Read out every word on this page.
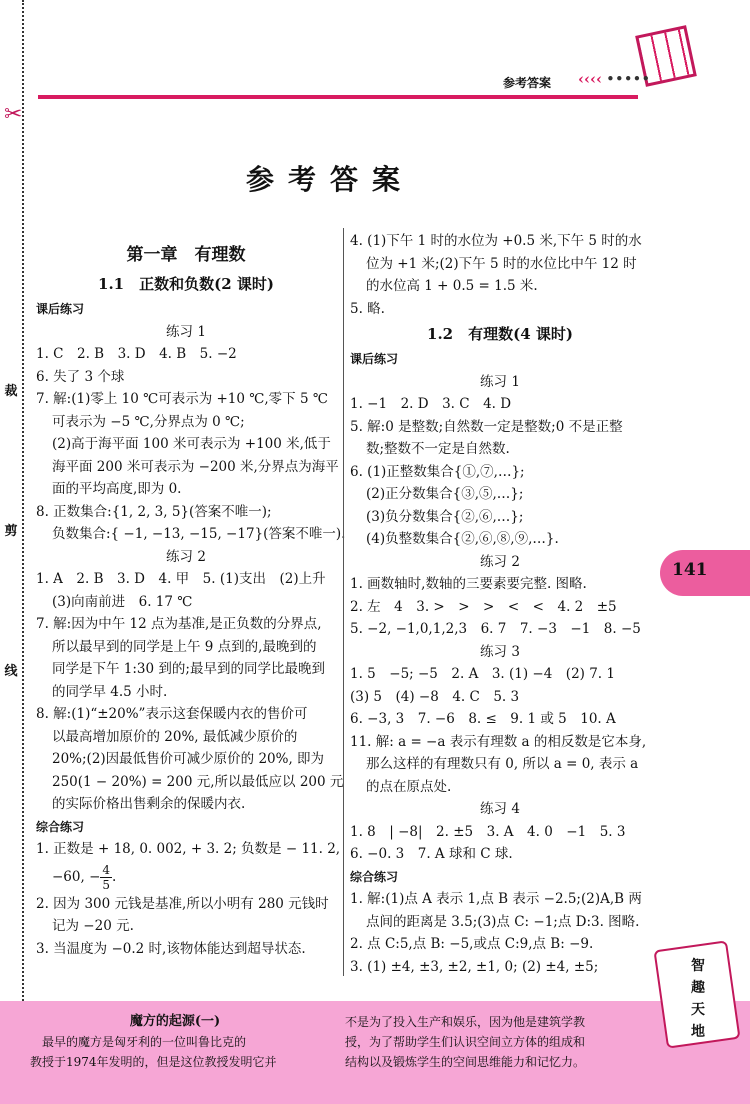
✂
裁
剪
线
参考答案 ‹‹‹‹ •••••
参考答案

第一章　有理数

1.1　正数和负数(2 课时)

课后练习

练习 1

1. C　2. B　3. D　4. B　5. −2

6. 失了 3 个球

7. 解:(1)零上 10 ℃可表示为 +10 ℃,零下 5 ℃

可表示为 −5 ℃,分界点为 0 ℃;

(2)高于海平面 100 米可表示为 +100 米,低于

海平面 200 米可表示为 −200 米,分界点为海平

面的平均高度,即为 0.

8. 正数集合:{1, 2, 3, 5}(答案不唯一);

负数集合:{ −1, −13, −15, −17}(答案不唯一).

练习 2

1. A　2. B　3. D　4. 甲　5. (1)支出　(2)上升

(3)向南前进　6. 17 ℃

7. 解:因为中午 12 点为基准,是正负数的分界点,

所以最早到的同学是上午 9 点到的,最晚到的

同学是下午 1:30 到的;最早到的同学比最晚到

的同学早 4.5 小时.

8. 解:(1)“±20%”表示这套保暖内衣的售价可

以最高增加原价的 20%, 最低减少原价的

20%;(2)因最低售价可减少原价的 20%, 即为

250(1 − 20%) = 200 元,所以最低应以 200 元

的实际价格出售剩余的保暖内衣.

综合练习

1. 正数是 + 18, 0. 002, + 3. 2; 负数是 − 11. 2,

−60, − $\frac{4}{5}$ .

2. 因为 300 元钱是基准,所以小明有 280 元钱时

记为 −20 元.

3. 当温度为 −0.2 时,该物体能达到超导状态.

4. (1)下午 1 时的水位为 +0.5 米,下午 5 时的水

位为 +1 米;(2)下午 5 时的水位比中午 12 时

的水位高 1 + 0.5 = 1.5 米.

5. 略.

1.2　有理数(4 课时)

课后练习

练习 1

1. −1　2. D　3. C　4. D

5. 解:0 是整数;自然数一定是整数;0 不是正整

数;整数不一定是自然数.

6. (1)正整数集合{①,⑦,…};

(2)正分数集合{③,⑤,…};

(3)负分数集合{②,⑥,…};

(4)负整数集合{②,⑥,⑧,⑨,…}.

练习 2

1. 画数轴时,数轴的三要素要完整. 图略.

2. 左　4　3. >　>　>　<　<　4. 2　±5

5. −2, −1,0,1,2,3　6. 7　7. −3　−1　8. −5

练习 3

1. 5　−5; −5　2. A　3. (1) −4　(2) 7. 1

(3) 5　(4) −8　4. C　5. 3

6. −3, 3　7. −6　8. ≤　9. 1 或 5　10. A

11. 解: a = −a 表示有理数 a 的相反数是它本身,

那么这样的有理数只有 0, 所以 a = 0, 表示 a

的点在原点处.

练习 4

1. 8　| −8|　2. ±5　3. A　4. 0　−1　5. 3

6. −0. 3　7. A 球和 C 球.

综合练习

1. 解:(1)点 A 表示 1,点 B 表示 −2.5;(2)A,B 两

点间的距离是 3.5;(3)点 C: −1;点 D:3. 图略.

2. 点 C:5,点 B: −5,或点 C:9,点 B: −9.

3. (1) ±4, ±3, ±2, ±1, 0; (2) ±4, ±5;

141
魔方的起源(一)
　最早的魔方是匈牙利的一位叫鲁比克的
教授于1974年发明的，但是这位教授发明它并
不是为了投入生产和娱乐，因为他是建筑学教
授，为了帮助学生们认识空间立方体的组成和
结构以及锻炼学生的空间思维能力和记忆力。
智
趣
天
地
